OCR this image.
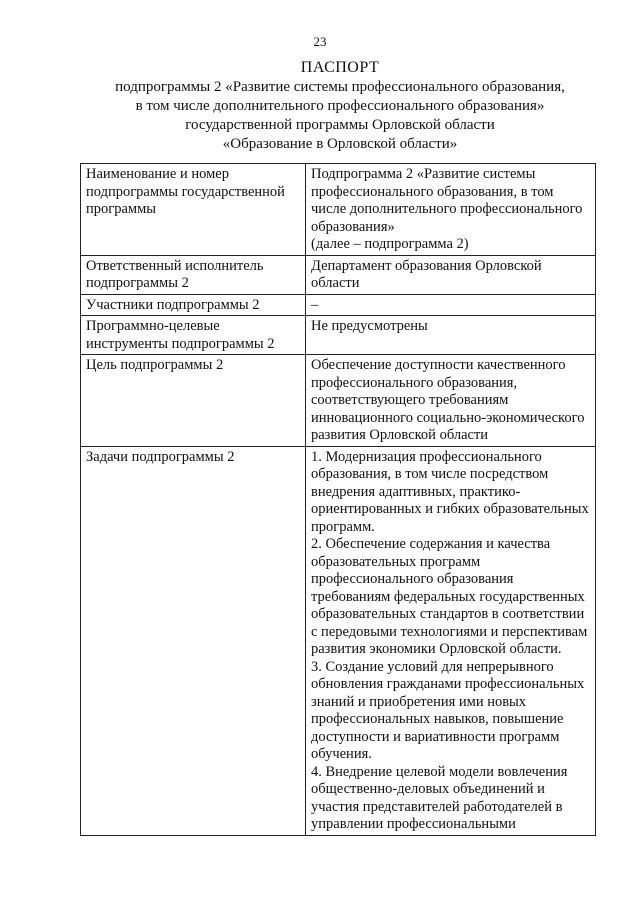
23
ПАСПОРТ
подпрограммы 2 «Развитие системы профессионального образования,
в том числе дополнительного профессионального образования»
государственной программы Орловской области
«Образование в Орловской области»
Наименование и номер подпрограммы государственной программы	Подпрограмма 2 «Развитие системы профессионального образования, в том числе дополнительного профессионального образования»
(далее – подпрограмма 2)

Ответственный исполнитель подпрограммы 2	Департамент образования Орловской области

Участники подпрограммы 2	–

Программно-целевые инструменты подпрограммы 2	Не предусмотрены

Цель подпрограммы 2	Обеспечение доступности качественного профессионального образования, соответствующего требованиям инновационного социально-экономического развития Орловской области

Задачи подпрограммы 2	1. Модернизация профессионального образования, в том числе посредством внедрения адаптивных, практико-ориентированных и гибких образовательных программ.
2. Обеспечение содержания и качества образовательных программ профессионального образования требованиям федеральных государственных образовательных стандартов в соответствии с передовыми технологиями и перспективам развития экономики Орловской области.
3. Создание условий для непрерывного обновления гражданами профессиональных знаний и приобретения ими новых профессиональных навыков, повышение доступности и вариативности программ обучения.
4. Внедрение целевой модели вовлечения общественно-деловых объединений и участия представителей работодателей в управлении профессиональными
